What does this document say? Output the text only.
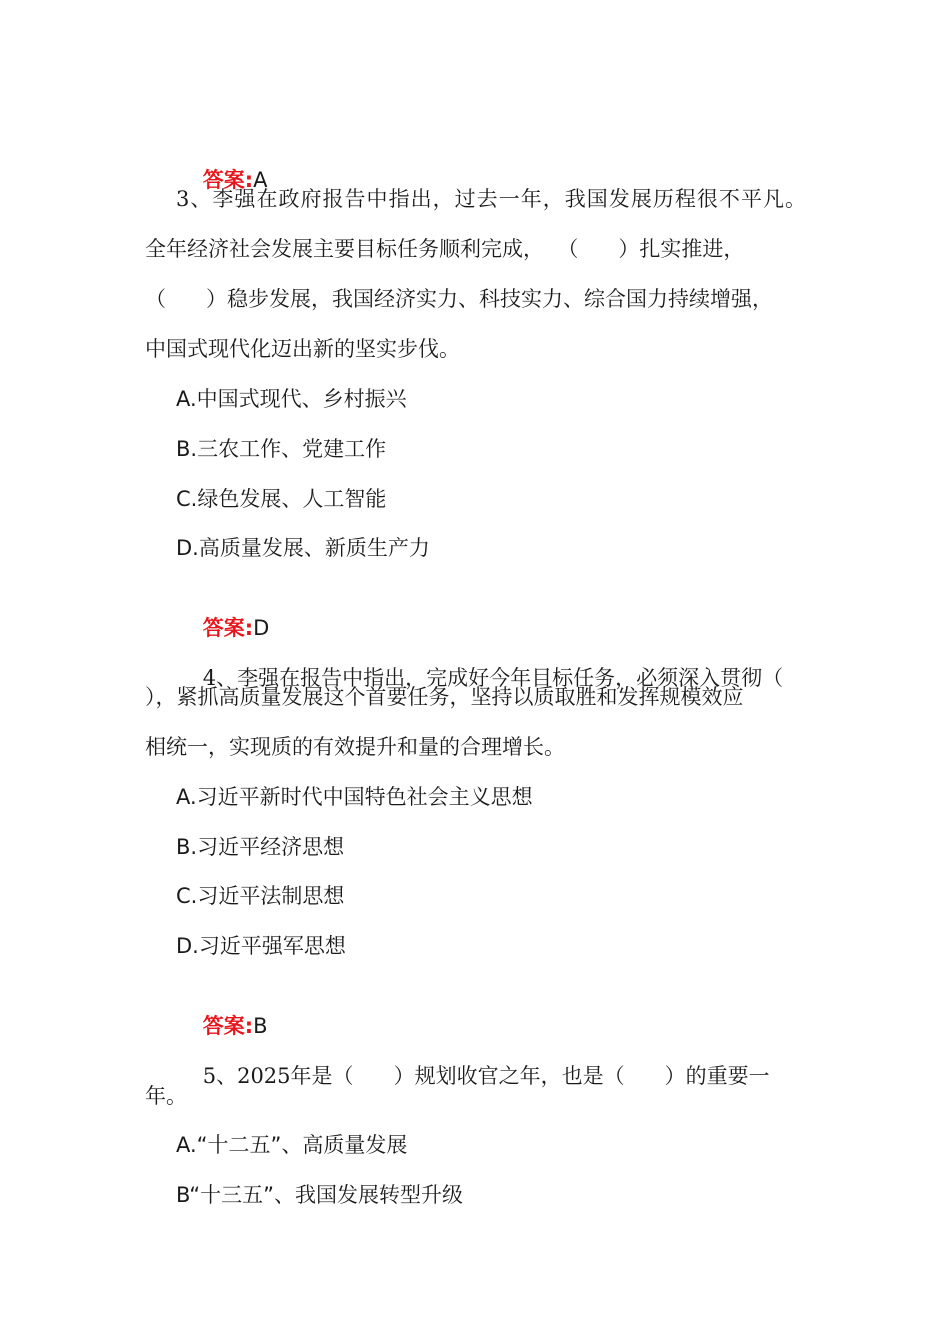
答案:A

3、李强在政府报告中指出，过去一年，我国发展历程很不平凡。
全年经济社会发展主要目标任务顺利完成，  （      ）扎实推进，
（      ）稳步发展，我国经济实力、科技实力、综合国力持续增强，
中国式现代化迈出新的坚实步伐。
A.中国式现代、乡村振兴
B.三农工作、党建工作
C.绿色发展、人工智能
D.高质量发展、新质生产力

答案:D

4、李强在报告中指出，完成好今年目标任务，必须深入贯彻（

），紧抓高质量发展这个首要任务，坚持以质取胜和发挥规模效应
相统一，实现质的有效提升和量的合理增长。
A.习近平新时代中国特色社会主义思想
B.习近平经济思想
C.习近平法制思想
D.习近平强军思想

答案:B

5、2025年是（      ）规划收官之年，也是（      ）的重要一

年。
A.“十二五”、高质量发展
B“十三五”、我国发展转型升级
